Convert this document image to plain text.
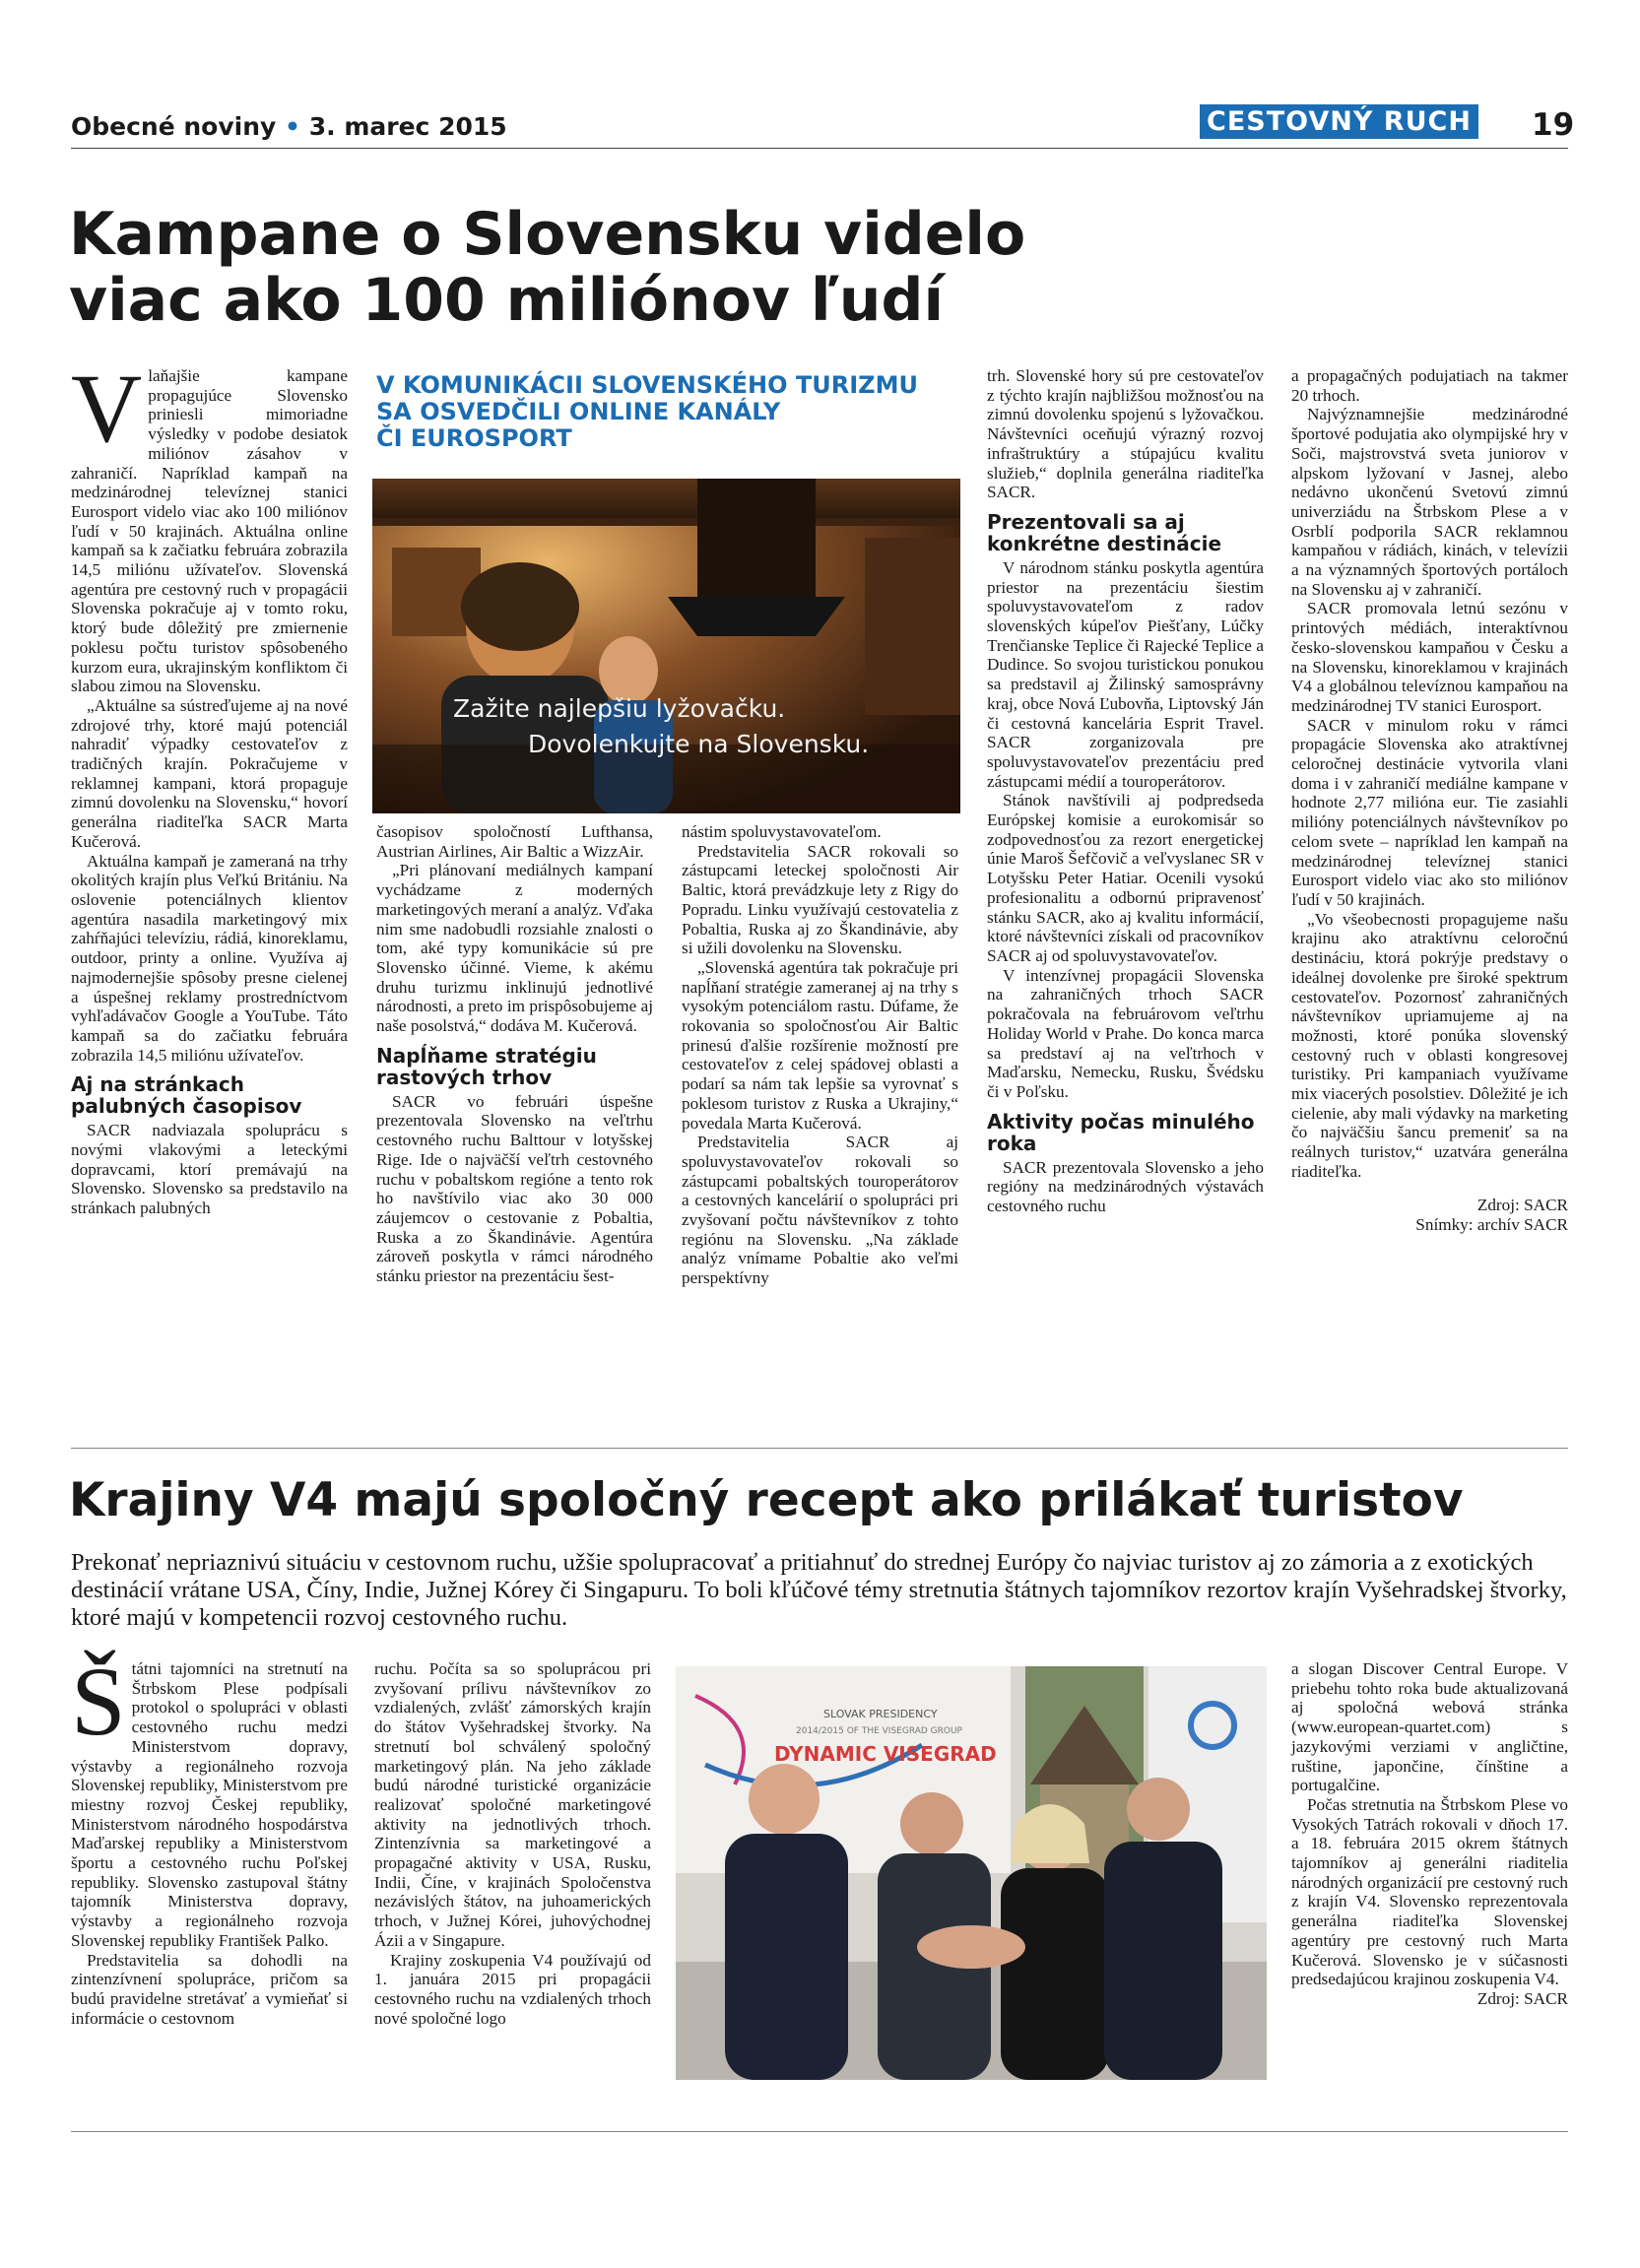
Obecné noviny • 3. marec 2015	CESTOVNÝ RUCH 19
Kampane o Slovensku videlo
viac ako 100 miliónov ľudí

Vlaňajšie kampane propagujúce Slovensko priniesli mimoriadne výsledky v podobe desiatok miliónov zásahov v zahraničí. Napríklad kampaň na medzinárodnej televíznej stanici Eurosport videlo viac ako 100 miliónov ľudí v 50 krajinách. Aktuálna online kampaň sa k začiatku februára zobrazila 14,5 miliónu užívateľov. Slovenská agentúra pre cestovný ruch v propagácii Slovenska pokračuje aj v tomto roku, ktorý bude dôležitý pre zmiernenie poklesu počtu turistov spôsobeného kurzom eura, ukrajinským konfliktom či slabou zimou na Slovensku.

„Aktuálne sa sústreďujeme aj na nové zdrojové trhy, ktoré majú potenciál nahradiť výpadky cestovateľov z tradičných krajín. Pokračujeme v reklamnej kampani, ktorá propaguje zimnú dovolenku na Slovensku,“ hovorí generálna riaditeľka SACR Marta Kučerová.

Aktuálna kampaň je zameraná na trhy okolitých krajín plus Veľkú Britániu. Na oslovenie potenciálnych klientov agentúra nasadila marketingový mix zahŕňajúci televíziu, rádiá, kinoreklamu, outdoor, printy a online. Využíva aj najmodernejšie spôsoby presne cielenej a úspešnej reklamy prostredníctvom vyhľadávačov Google a YouTube. Táto kampaň sa do začiatku februára zobrazila 14,5 miliónu užívateľov.

Aj na stránkach palubných časopisov

SACR nadviazala spoluprácu s novými vlakovými a leteckými dopravcami, ktorí premávajú na Slovensko. Slovensko sa predstavilo na stránkach palubných

V KOMUNIKÁCII SLOVENSKÉHO TURIZMU
SA OSVEDČILI ONLINE KANÁLY
ČI EUROSPORT
Zažite najlepšiu lyžovačku.
Dovolenkujte na Slovensku.

časopisov spoločností Lufthansa, Austrian Airlines, Air Baltic a WizzAir.

„Pri plánovaní mediálnych kampaní vychádzame z moderných marketingových meraní a analýz. Vďaka nim sme nadobudli rozsiahle znalosti o tom, aké typy komunikácie sú pre Slovensko účinné. Vieme, k akému druhu turizmu inklinujú jednotlivé národnosti, a preto im prispôsobujeme aj naše posolstvá,“ dodáva M. Kučerová.

Napĺňame stratégiu rastových trhov

SACR vo februári úspešne prezentovala Slovensko na veľtrhu cestovného ruchu Balttour v lotyšskej Rige. Ide o najväčší veľtrh cestovného ruchu v pobaltskom regióne a tento rok ho navštívilo viac ako 30 000 záujemcov o cestovanie z Pobaltia, Ruska a zo Škandinávie. Agentúra zároveň poskytla v rámci národného stánku priestor na prezentáciu šest-

nástim spoluvystavovateľom.

Predstavitelia SACR rokovali so zástupcami leteckej spoločnosti Air Baltic, ktorá prevádzkuje lety z Rigy do Popradu. Linku využívajú cestovatelia z Pobaltia, Ruska aj zo Škandinávie, aby si užili dovolenku na Slovensku.

„Slovenská agentúra tak pokračuje pri napĺňaní stratégie zameranej aj na trhy s vysokým potenciálom rastu. Dúfame, že rokovania so spoločnosťou Air Baltic prinesú ďalšie rozšírenie možností pre cestovateľov z celej spádovej oblasti a podarí sa nám tak lepšie sa vyrovnať s poklesom turistov z Ruska a Ukrajiny,“ povedala Marta Kučerová.

Predstavitelia SACR aj spoluvystavovateľov rokovali so zástupcami pobaltských touroperátorov a cestovných kancelárií o spolupráci pri zvyšovaní počtu návštevníkov z tohto regiónu na Slovensku. „Na základe analýz vnímame Pobaltie ako veľmi perspektívny

trh. Slovenské hory sú pre cestovateľov z týchto krajín najbližšou možnosťou na zimnú dovolenku spojenú s lyžovačkou. Návštevníci oceňujú výrazný rozvoj infraštruktúry a stúpajúcu kvalitu služieb,“ doplnila generálna riaditeľka SACR.

Prezentovali sa aj konkrétne destinácie

V národnom stánku poskytla agentúra priestor na prezentáciu šiestim spoluvystavovateľom z radov slovenských kúpeľov Piešťany, Lúčky Trenčianske Teplice či Rajecké Teplice a Dudince. So svojou turistickou ponukou sa predstavil aj Žilinský samosprávny kraj, obce Nová Ľubovňa, Liptovský Ján či cestovná kancelária Esprit Travel. SACR zorganizovala pre spoluvystavovateľov prezentáciu pred zástupcami médií a touroperátorov.

Stánok navštívili aj podpredseda Európskej komisie a eurokomisár so zodpovednosťou za rezort energetickej únie Maroš Šefčovič a veľvyslanec SR v Lotyšsku Peter Hatiar. Ocenili vysokú profesionalitu a odbornú pripravenosť stánku SACR, ako aj kvalitu informácií, ktoré návštevníci získali od pracovníkov SACR aj od spoluvystavovateľov.

V intenzívnej propagácii Slovenska na zahraničných trhoch SACR pokračovala na februárovom veľtrhu Holiday World v Prahe. Do konca marca sa predstaví aj na veľtrhoch v Maďarsku, Nemecku, Rusku, Švédsku či v Poľsku.

Aktivity počas minulého roka

SACR prezentovala Slovensko a jeho regióny na medzinárodných výstavách cestovného ruchu

a propagačných podujatiach na takmer 20 trhoch.

Najvýznamnejšie medzinárodné športové podujatia ako olympijské hry v Soči, majstrovstvá sveta juniorov v alpskom lyžovaní v Jasnej, alebo nedávno ukončenú Svetovú zimnú univerziádu na Štrbskom Plese a v Osrblí podporila SACR reklamnou kampaňou v rádiách, kinách, v televízii a na významných športových portáloch na Slovensku aj v zahraničí.

SACR promovala letnú sezónu v printových médiách, interaktívnou česko-slovenskou kampaňou v Česku a na Slovensku, kinoreklamou v krajinách V4 a globálnou televíznou kampaňou na medzinárodnej TV stanici Eurosport.

SACR v minulom roku v rámci propagácie Slovenska ako atraktívnej celoročnej destinácie vytvorila vlani doma i v zahraničí mediálne kampane v hodnote 2,77 milióna eur. Tie zasiahli milióny potenciálnych návštevníkov po celom svete – napríklad len kampaň na medzinárodnej televíznej stanici Eurosport videlo viac ako sto miliónov ľudí v 50 krajinách.

„Vo všeobecnosti propagujeme našu krajinu ako atraktívnu celoročnú destináciu, ktorá pokrýje predstavy o ideálnej dovolenke pre široké spektrum cestovateľov. Pozornosť zahraničných návštevníkov upriamujeme aj na možnosti, ktoré ponúka slovenský cestovný ruch v oblasti kongresovej turistiky. Pri kampaniach využívame mix viacerých posolstiev. Dôležité je ich cielenie, aby mali výdavky na marketing čo najväčšiu šancu premeniť sa na reálnych turistov,“ uzatvára generálna riaditeľka.

Zdroj: SACR
Snímky: archív SACR
Krajiny V4 majú spoločný recept ako prilákať turistov
Prekonať nepriaznivú situáciu v cestovnom ruchu, užšie spolupracovať a pritiahnuť do strednej Európy čo najviac turistov aj zo zámoria a z exotických destinácií vrátane USA, Číny, Indie, Južnej Kórey či Singapuru. To boli kľúčové témy stretnutia štátnych tajomníkov rezortov krajín Vyšehradskej štvorky, ktoré majú v kompetencii rozvoj cestovného ruchu.

Štátni tajomníci na stretnutí na Štrbskom Plese podpísali protokol o spolupráci v oblasti cestovného ruchu medzi Ministerstvom dopravy, výstavby a regionálneho rozvoja Slovenskej republiky, Ministerstvom pre miestny rozvoj Českej republiky, Ministerstvom národného hospodárstva Maďarskej republiky a Ministerstvom športu a cestovného ruchu Poľskej republiky. Slovensko zastupoval štátny tajomník Ministerstva dopravy, výstavby a regionálneho rozvoja Slovenskej republiky František Palko.

Predstavitelia sa dohodli na zintenzívnení spolupráce, pričom sa budú pravidelne stretávať a vymieňať si informácie o cestovnom

ruchu. Počíta sa so spoluprácou pri zvyšovaní prílivu návštevníkov zo vzdialených, zvlášť zámorských krajín do štátov Vyšehradskej štvorky. Na stretnutí bol schválený spoločný marketingový plán. Na jeho základe budú národné turistické organizácie realizovať spoločné marketingové aktivity na jednotlivých trhoch. Zintenzívnia sa marketingové a propagačné aktivity v USA, Rusku, Indii, Číne, v krajinách Spoločenstva nezávislých štátov, na juhoamerických trhoch, v Južnej Kórei, juhovýchodnej Ázii a v Singapure.

Krajiny zoskupenia V4 používajú od 1. januára 2015 pri propagácii cestovného ruchu na vzdialených trhoch nové spoločné logo

SLOVAK PRESIDENCY
2014/2015 OF THE VISEGRAD GROUP
DYNAMIC VISEGRAD

a slogan Discover Central Europe. V priebehu tohto roka bude aktualizovaná aj spoločná webová stránka (www.european-quartet.com) s jazykovými verziami v angličtine, ruštine, japončine, čínštine a portugalčine.

Počas stretnutia na Štrbskom Plese vo Vysokých Tatrách rokovali v dňoch 17. a 18. februára 2015 okrem štátnych tajomníkov aj generálni riaditelia národných organizácií pre cestovný ruch z krajín V4. Slovensko reprezentovala generálna riaditeľka Slovenskej agentúry pre cestovný ruch Marta Kučerová. Slovensko je v súčasnosti predsedajúcou krajinou zoskupenia V4.

Zdroj: SACR
